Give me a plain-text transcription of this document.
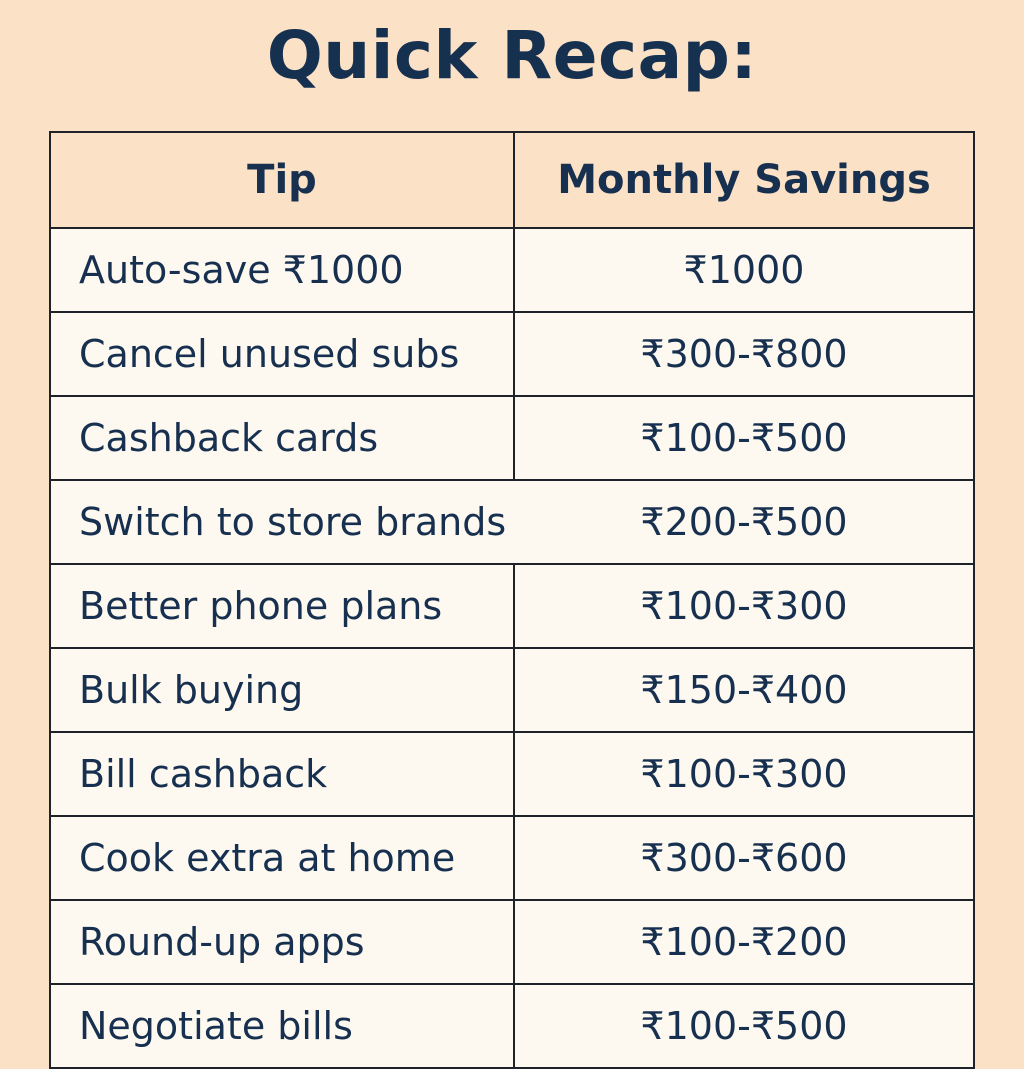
Quick Recap:
Tip	Monthly Savings
Auto-save ₹1000	₹1000
Cancel unused subs	₹300-₹800
Cashback cards	₹100-₹500
Switch to store brands	₹200-₹500
Better phone plans	₹100-₹300
Bulk buying	₹150-₹400
Bill cashback	₹100-₹300
Cook extra at home	₹300-₹600
Round-up apps	₹100-₹200
Negotiate bills	₹100-₹500
